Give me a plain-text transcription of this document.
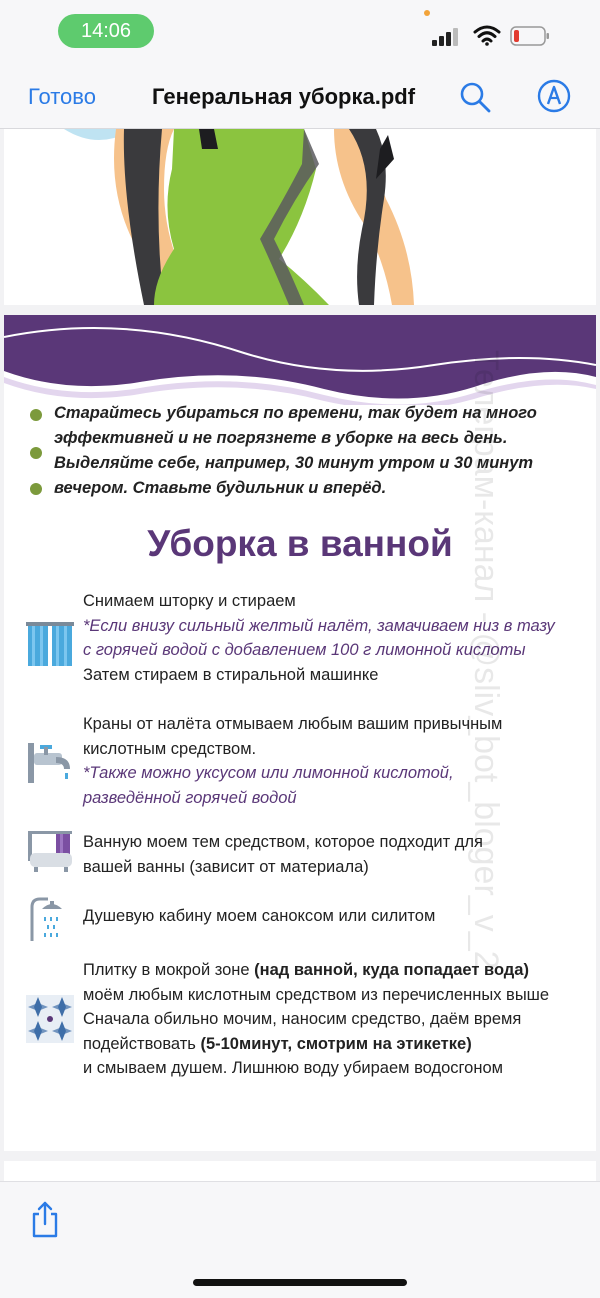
14:06
Готово	Генеральная уборка.pdf
Старайтесь убираться по времени, так будет на много
эффективней и не погрязнете в уборке на весь день.
Выделяйте себе, например, 30 минут утром и 30 минут
вечером. Ставьте будильник и вперёд.
Уборка в ванной
Снимаем шторку и стираем
*Если внизу сильный желтый налёт, замачиваем низ в тазу
с горячей водой с добавлением 100 г лимонной кислоты
Затем стираем в стиральной машинке
Краны от налёта отмываем любым вашим привычным
кислотным средством.
*Также можно уксусом или лимонной кислотой,
разведённой горячей водой
Ванную моем тем средством, которое подходит для
вашей ванны (зависит от материала)
Душевую кабину моем саноксом или силитом
Плитку в мокрой зоне (над ванной, куда попадает вода)
моём любым кислотным средством из перечисленных выше
Сначала обильно мочим, наносим средство, даём время
подействовать (5-10минут, смотрим на этикетке)
и смываем душем. Лишнюю воду убираем водосгоном
Телеграм-канал - @sliv_bot_bloger_v_2
